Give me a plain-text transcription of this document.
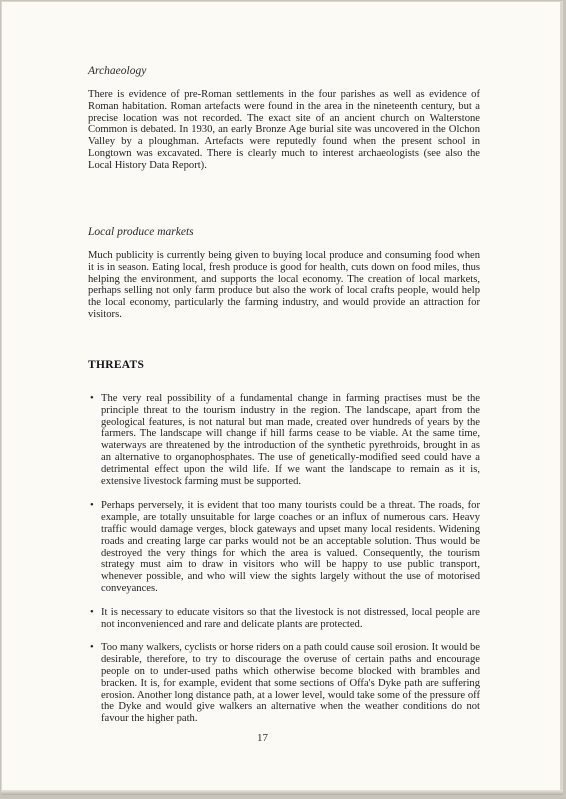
Archaeology

There is evidence of pre-Roman settlements in the four parishes as well as evidence of Roman habitation. Roman artefacts were found in the area in the nineteenth century, but a precise location was not recorded. The exact site of an ancient church on Walterstone Common is debated. In 1930, an early Bronze Age burial site was uncovered in the Olchon Valley by a ploughman. Artefacts were reputedly found when the present school in Longtown was excavated. There is clearly much to interest archaeologists (see also the Local History Data Report).

Local produce markets

Much publicity is currently being given to buying local produce and consuming food when it is in season. Eating local, fresh produce is good for health, cuts down on food miles, thus helping the environment, and supports the local economy. The creation of local markets, perhaps selling not only farm produce but also the work of local crafts people, would help the local economy, particularly the farming industry, and would provide an attraction for visitors.

THREATS

• The very real possibility of a fundamental change in farming practises must be the principle threat to the tourism industry in the region. The landscape, apart from the geological features, is not natural but man made, created over hundreds of years by the farmers. The landscape will change if hill farms cease to be viable. At the same time, waterways are threatened by the introduction of the synthetic pyrethroids, brought in as an alternative to organophosphates. The use of genetically-modified seed could have a detrimental effect upon the wild life. If we want the landscape to remain as it is, extensive livestock farming must be supported.
• Perhaps perversely, it is evident that too many tourists could be a threat. The roads, for example, are totally unsuitable for large coaches or an influx of numerous cars. Heavy traffic would damage verges, block gateways and upset many local residents. Widening roads and creating large car parks would not be an acceptable solution. Thus would be destroyed the very things for which the area is valued. Consequently, the tourism strategy must aim to draw in visitors who will be happy to use public transport, whenever possible, and who will view the sights largely without the use of motorised conveyances.
• It is necessary to educate visitors so that the livestock is not distressed, local people are not inconvenienced and rare and delicate plants are protected.
• Too many walkers, cyclists or horse riders on a path could cause soil erosion. It would be desirable, therefore, to try to discourage the overuse of certain paths and encourage people on to under-used paths which otherwise become blocked with brambles and bracken. It is, for example, evident that some sections of Offa's Dyke path are suffering erosion. Another long distance path, at a lower level, would take some of the pressure off the Dyke and would give walkers an alternative when the weather conditions do not favour the higher path.

17
